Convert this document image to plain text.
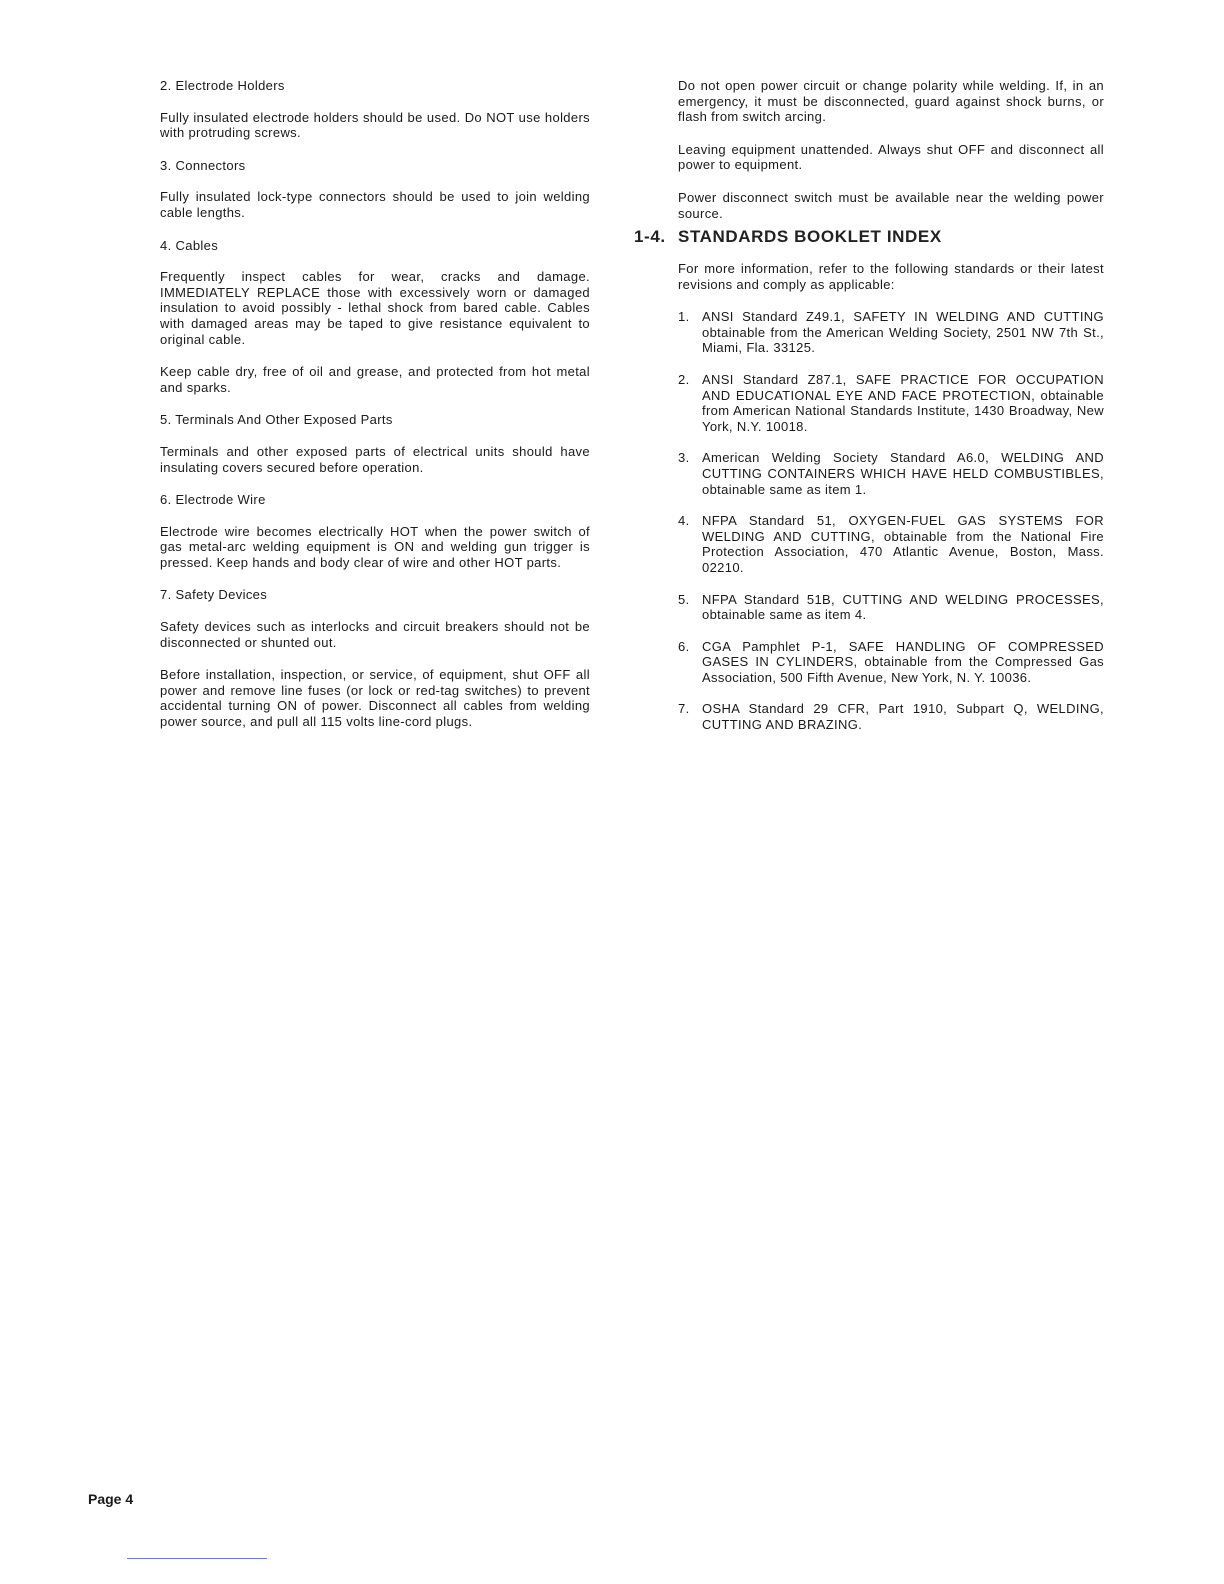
2. Electrode Holders
Fully insulated electrode holders should be used. Do NOT use holders with protruding screws.
3. Connectors
Fully insulated lock-type connectors should be used to join welding cable lengths.
4. Cables
Frequently inspect cables for wear, cracks and damage. IMMEDIATELY REPLACE those with excessively worn or damaged insulation to avoid possibly - lethal shock from bared cable. Cables with damaged areas may be taped to give resistance equivalent to original cable.
Keep cable dry, free of oil and grease, and protected from hot metal and sparks.
5. Terminals And Other Exposed Parts
Terminals and other exposed parts of electrical units should have insulating covers secured before operation.
6. Electrode Wire
Electrode wire becomes electrically HOT when the power switch of gas metal-arc welding equipment is ON and welding gun trigger is pressed. Keep hands and body clear of wire and other HOT parts.
7. Safety Devices
Safety devices such as interlocks and circuit breakers should not be disconnected or shunted out.
Before installation, inspection, or service, of equipment, shut OFF all power and remove line fuses (or lock or red-tag switches) to prevent accidental turning ON of power. Disconnect all cables from welding power source, and pull all 115 volts line-cord plugs.
Do not open power circuit or change polarity while welding. If, in an emergency, it must be disconnected, guard against shock burns, or flash from switch arcing.
Leaving equipment unattended. Always shut OFF and disconnect all power to equipment.
Power disconnect switch must be available near the welding power source.
1-4. STANDARDS BOOKLET INDEX
For more information, refer to the following standards or their latest revisions and comply as applicable:
1. ANSI Standard Z49.1, SAFETY IN WELDING AND CUTTING obtainable from the American Welding Society, 2501 NW 7th St., Miami, Fla. 33125.
2. ANSI Standard Z87.1, SAFE PRACTICE FOR OCCUPATION AND EDUCATIONAL EYE AND FACE PROTECTION, obtainable from American National Standards Institute, 1430 Broadway, New York, N.Y. 10018.
3. American Welding Society Standard A6.0, WELDING AND CUTTING CONTAINERS WHICH HAVE HELD COMBUSTIBLES, obtainable same as item 1.
4. NFPA Standard 51, OXYGEN-FUEL GAS SYSTEMS FOR WELDING AND CUTTING, obtainable from the National Fire Protection Association, 470 Atlantic Avenue, Boston, Mass. 02210.
5. NFPA Standard 51B, CUTTING AND WELDING PROCESSES, obtainable same as item 4.
6. CGA Pamphlet P-1, SAFE HANDLING OF COMPRESSED GASES IN CYLINDERS, obtainable from the Compressed Gas Association, 500 Fifth Avenue, New York, N. Y. 10036.
7. OSHA Standard 29 CFR, Part 1910, Subpart Q, WELDING, CUTTING AND BRAZING.
Page 4
